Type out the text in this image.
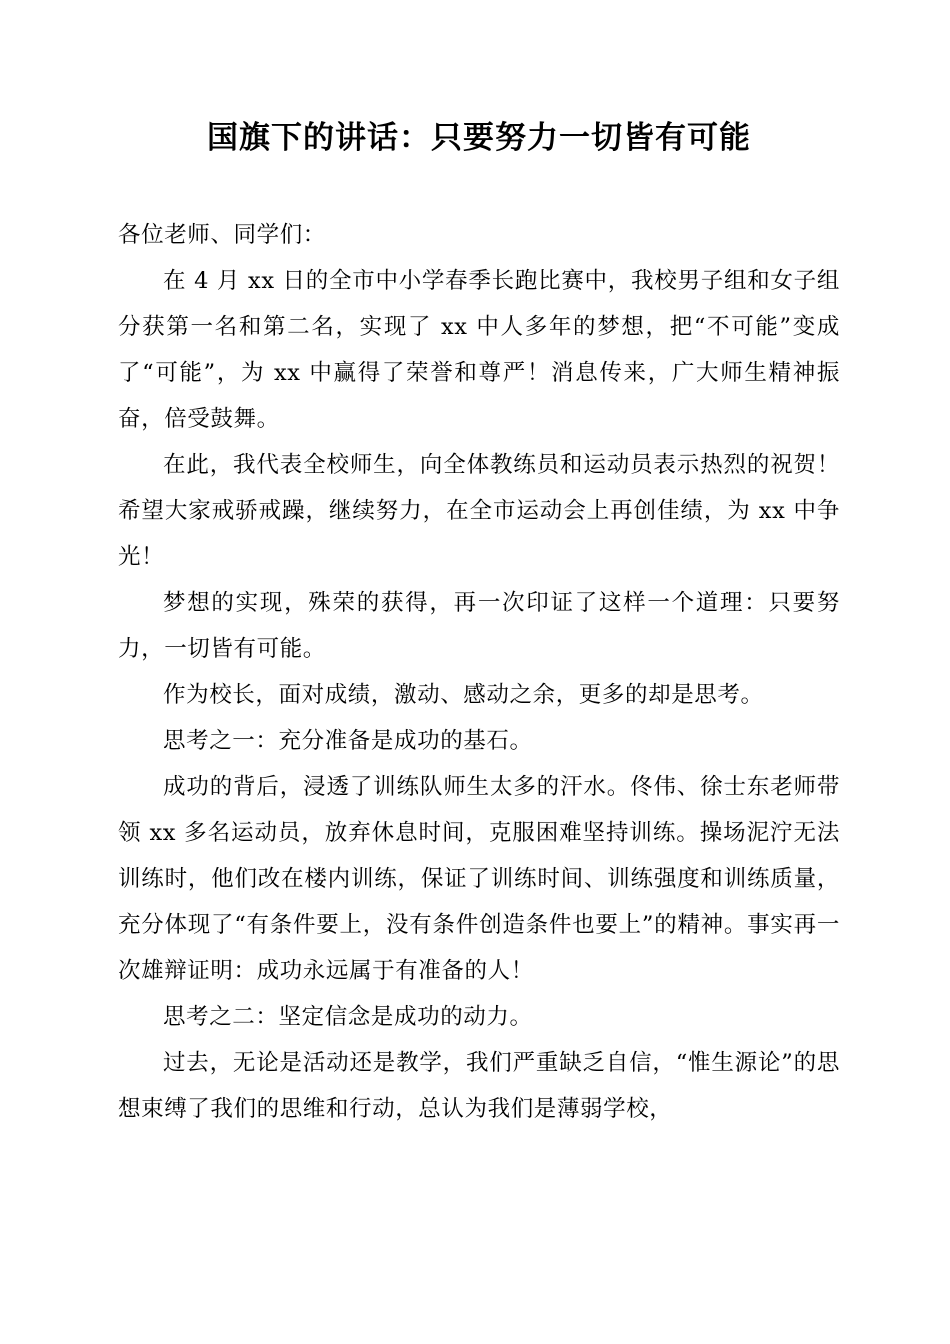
国旗下的讲话：只要努力一切皆有可能

各位老师、同学们：

在 4 月 xx 日的全市中小学春季长跑比赛中，我校男子组和女子组分获第一名和第二名，实现了 xx 中人多年的梦想，把“不可能”变成了“可能”，为 xx 中赢得了荣誉和尊严！消息传来，广大师生精神振奋，倍受鼓舞。

在此，我代表全校师生，向全体教练员和运动员表示热烈的祝贺！希望大家戒骄戒躁，继续努力，在全市运动会上再创佳绩，为 xx 中争光！

梦想的实现，殊荣的获得，再一次印证了这样一个道理：只要努力，一切皆有可能。

作为校长，面对成绩，激动、感动之余，更多的却是思考。

思考之一：充分准备是成功的基石。

成功的背后，浸透了训练队师生太多的汗水。佟伟、徐士东老师带领 xx 多名运动员，放弃休息时间，克服困难坚持训练。操场泥泞无法训练时，他们改在楼内训练，保证了训练时间、训练强度和训练质量，充分体现了“有条件要上，没有条件创造条件也要上”的精神。事实再一次雄辩证明：成功永远属于有准备的人！

思考之二：坚定信念是成功的动力。

过去，无论是活动还是教学，我们严重缺乏自信，“惟生源论”的思想束缚了我们的思维和行动，总认为我们是薄弱学校，
